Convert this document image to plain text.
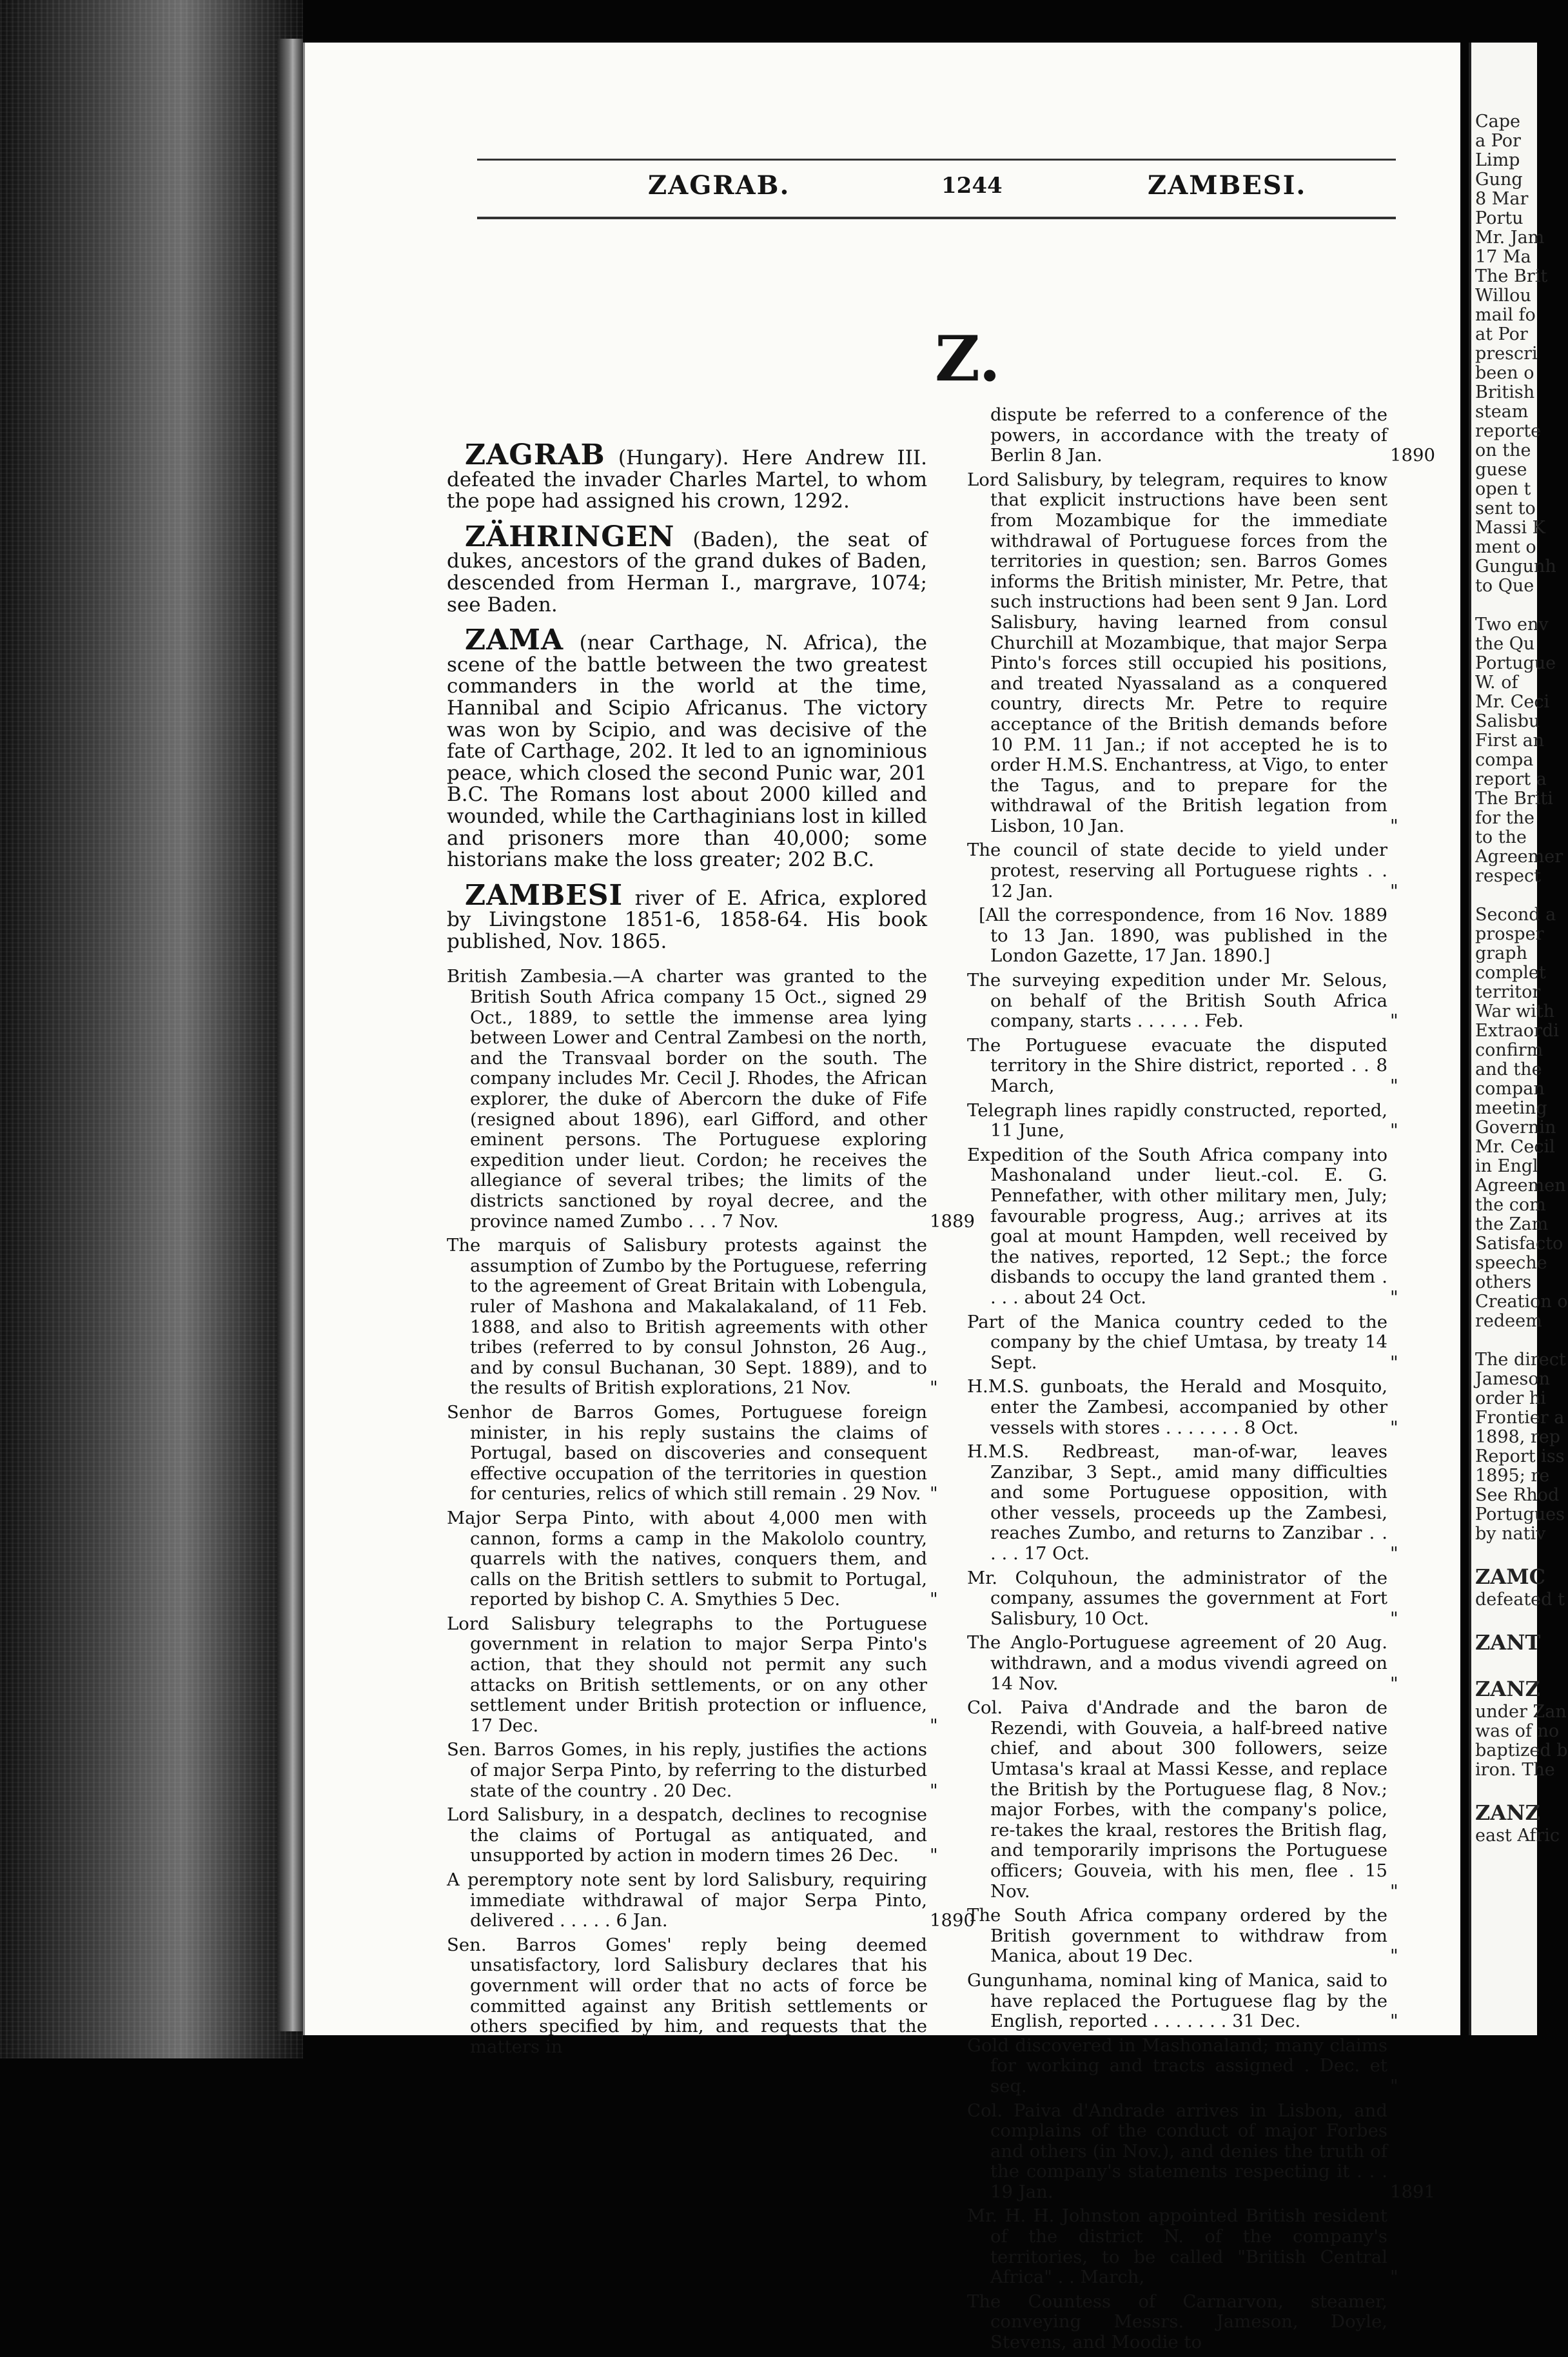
Cape
a Por
Limp
Gung
8 Mar
Portu
Mr. Jam
17 Ma
The Brit
Willou
mail fo
at Por
prescri
been o
British
steam
reporte
on the
guese
open t
sent to
Massi K
ment o
Gungunh
to Que

Two env
the Qu
Portugue
W. of
Mr. Ceci
Salisbu
First an
compa
report a
The Briti
for the
to the
Agreemer
respect

Second a
prosper
graph
complet
territor
War with
Extraordi
confirm
and the
compan
meeting
Governin
Mr. Cecil
in Engl
Agreemen
the com
the Zam
Satisfacto
speeche
others
Creation o
redeem

The direct
Jameson
order hi
Frontier a
1898, rep
Report iss
1895; re
See Rhod
Portugues
by nativ

ZAMC
defeated t

ZANT

ZANZ
under Zan
was of no
baptized b
iron. The

ZANZ
east Afric
ZAGRAB.	1244	ZAMBESI.
Z.

ZAGRAB (Hungary). Here Andrew III. defeated the invader Charles Martel, to whom the pope had assigned his crown, 1292.

ZÄHRINGEN (Baden), the seat of dukes, ancestors of the grand dukes of Baden, descended from Herman I., margrave, 1074; see Baden.

ZAMA (near Carthage, N. Africa), the scene of the battle between the two greatest commanders in the world at the time, Hannibal and Scipio Africanus. The victory was won by Scipio, and was decisive of the fate of Carthage, 202. It led to an ignominious peace, which closed the second Punic war, 201 B.C. The Romans lost about 2000 killed and wounded, while the Carthaginians lost in killed and prisoners more than 40,000; some historians make the loss greater; 202 B.C.

ZAMBESI river of E. Africa, explored by Livingstone 1851-6, 1858-64. His book published, Nov. 1865.

British Zambesia.—A charter was granted to the British South Africa company 15 Oct., signed 29 Oct., 1889, to settle the immense area lying between Lower and Central Zambesi on the north, and the Transvaal border on the south. The company includes Mr. Cecil J. Rhodes, the African explorer, the duke of Abercorn the duke of Fife (resigned about 1896), earl Gifford, and other eminent persons. The Portuguese exploring expedition under lieut. Cordon; he receives the allegiance of several tribes; the limits of the districts sanctioned by royal decree, and the province named Zumbo . . . 7 Nov.	1889
The marquis of Salisbury protests against the assumption of Zumbo by the Portuguese, referring to the agreement of Great Britain with Lobengula, ruler of Mashona and Makalakaland, of 11 Feb. 1888, and also to British agreements with other tribes (referred to by consul Johnston, 26 Aug., and by consul Buchanan, 30 Sept. 1889), and to the results of British explorations, 21 Nov.	"
Senhor de Barros Gomes, Portuguese foreign minister, in his reply sustains the claims of Portugal, based on discoveries and consequent effective occupation of the territories in question for centuries, relics of which still remain . 29 Nov. "
Major Serpa Pinto, with about 4,000 men with cannon, forms a camp in the Makololo country, quarrels with the natives, conquers them, and calls on the British settlers to submit to Portugal, reported by bishop C. A. Smythies 5 Dec.	"
Lord Salisbury telegraphs to the Portuguese government in relation to major Serpa Pinto's action, that they should not permit any such attacks on British settlements, or on any other settlement under British protection or influence, 17 Dec.	"
Sen. Barros Gomes, in his reply, justifies the actions of major Serpa Pinto, by referring to the disturbed state of the country . 20 Dec.	"
Lord Salisbury, in a despatch, declines to recognise the claims of Portugal as antiquated, and unsupported by action in modern times 26 Dec. "
A peremptory note sent by lord Salisbury, requiring immediate withdrawal of major Serpa Pinto, delivered . . . . . 6 Jan.	1890
Sen. Barros Gomes' reply being deemed unsatisfactory, lord Salisbury declares that his government will order that no acts of force be committed against any British settlements or others specified by him, and requests that the matters in
dispute be referred to a conference of the powers, in accordance with the treaty of Berlin 8 Jan.	1890
Lord Salisbury, by telegram, requires to know that explicit instructions have been sent from Mozambique for the immediate withdrawal of Portuguese forces from the territories in question; sen. Barros Gomes informs the British minister, Mr. Petre, that such instructions had been sent 9 Jan. Lord Salisbury, having learned from consul Churchill at Mozambique, that major Serpa Pinto's forces still occupied his positions, and treated Nyassaland as a conquered country, directs Mr. Petre to require acceptance of the British demands before 10 P.M. 11 Jan.; if not accepted he is to order H.M.S. Enchantress, at Vigo, to enter the Tagus, and to prepare for the withdrawal of the British legation from Lisbon, 10 Jan.	"
The council of state decide to yield under protest, reserving all Portuguese rights . . 12 Jan.	"
[All the correspondence, from 16 Nov. 1889 to 13 Jan. 1890, was published in the London Gazette, 17 Jan. 1890.]
The surveying expedition under Mr. Selous, on behalf of the British South Africa company, starts . . . . . . Feb.	"
The Portuguese evacuate the disputed territory in the Shire district, reported . . 8 March,	"
Telegraph lines rapidly constructed, reported, 11 June,	"
Expedition of the South Africa company into Mashonaland under lieut.-col. E. G. Pennefather, with other military men, July; favourable progress, Aug.; arrives at its goal at mount Hampden, well received by the natives, reported, 12 Sept.; the force disbands to occupy the land granted them . . . . about 24 Oct.	"
Part of the Manica country ceded to the company by the chief Umtasa, by treaty 14 Sept.	"
H.M.S. gunboats, the Herald and Mosquito, enter the Zambesi, accompanied by other vessels with stores . . . . . . . 8 Oct.	"
H.M.S. Redbreast, man-of-war, leaves Zanzibar, 3 Sept., amid many difficulties and some Portuguese opposition, with other vessels, proceeds up the Zambesi, reaches Zumbo, and returns to Zanzibar . . . . . 17 Oct.	"
Mr. Colquhoun, the administrator of the company, assumes the government at Fort Salisbury, 10 Oct.	"
The Anglo-Portuguese agreement of 20 Aug. withdrawn, and a modus vivendi agreed on 14 Nov.	"
Col. Paiva d'Andrade and the baron de Rezendi, with Gouveia, a half-breed native chief, and about 300 followers, seize Umtasa's kraal at Massi Kesse, and replace the British by the Portuguese flag, 8 Nov.; major Forbes, with the company's police, re-takes the kraal, restores the British flag, and temporarily imprisons the Portuguese officers; Gouveia, with his men, flee . 15 Nov.	"
The South Africa company ordered by the British government to withdraw from Manica, about 19 Dec.	"
Gungunhama, nominal king of Manica, said to have replaced the Portuguese flag by the English, reported . . . . . . . 31 Dec.	"
Gold discovered in Mashonaland; many claims for working and tracts assigned . Dec. et seq.	"
Col. Paiva d'Andrade arrives in Lisbon, and complains of the conduct of major Forbes and others (in Nov.), and denies the truth of the company's statements respecting it . . . 19 Jan.	1891
Mr. H. H. Johnston appointed British resident of the district N. of the company's territories, to be called "British Central Africa" . . March,	"
The Countess of Carnarvon, steamer, conveying Messrs. Jameson, Doyle, Stevens, and Moodie to
